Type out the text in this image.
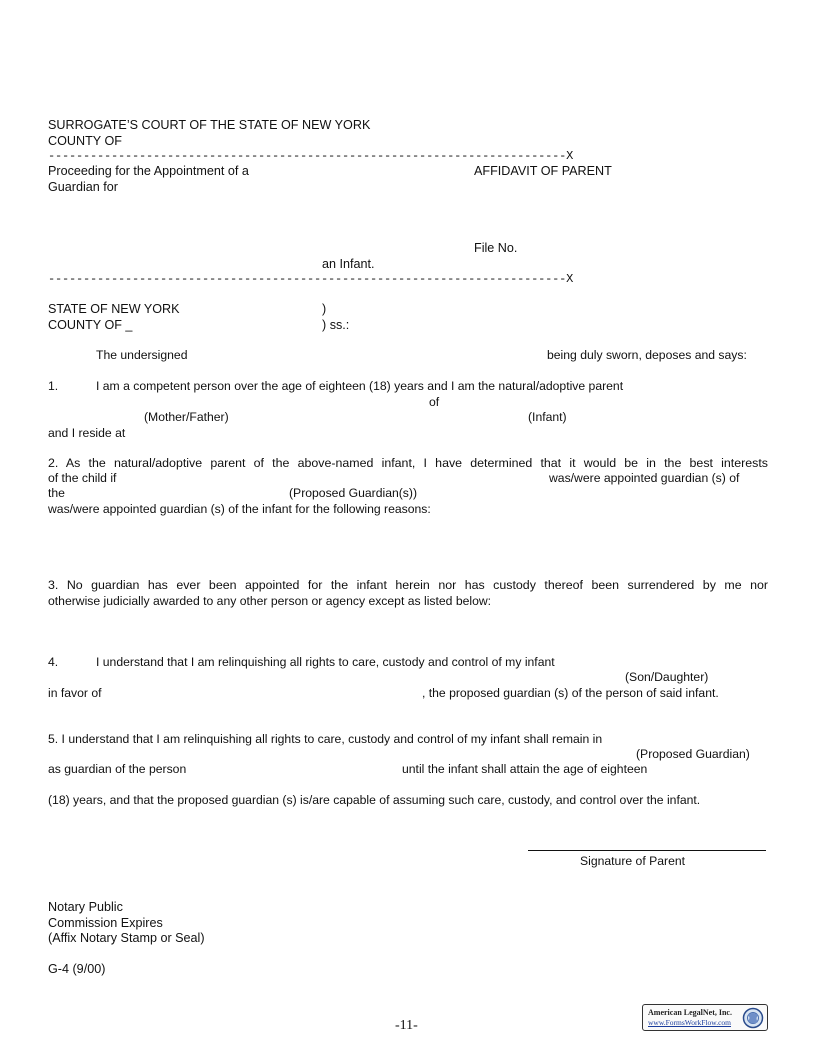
SURROGATE’S COURT OF THE STATE OF NEW YORK
COUNTY OF
--------------------------------------------------------------------------X
Proceeding for the Appointment of a
Guardian for
AFFIDAVIT OF PARENT
File No.
an Infant.
--------------------------------------------------------------------------X
STATE OF NEW YORK	)
COUNTY OF _	) ss.:
The undersigned	being duly sworn, deposes and says:
1.	I am a competent person over the age of eighteen (18) years and I am the natural/adoptive parent
of
(Mother/Father)	(Infant)
and I reside at
2. As the natural/adoptive parent of the above-named infant, I have determined that it would be in the best interests
of the child if	was/were appointed guardian (s) of
the	(Proposed Guardian(s))
was/were appointed guardian (s) of the infant for the following reasons:
3. No guardian has ever been appointed for the infant herein nor has custody thereof been surrendered by me nor
otherwise judicially awarded to any other person or agency except as listed below:
4.	I understand that I am relinquishing all rights to care, custody and control of my infant
(Son/Daughter)
in favor of	, the proposed guardian (s) of the person of said infant.
5. I understand that I am relinquishing all rights to care, custody and control of my infant shall remain in
(Proposed Guardian)
as guardian of the person	until the infant shall attain the age of eighteen
(18) years, and that the proposed guardian (s) is/are capable of assuming such care, custody, and control over the infant.
Signature of Parent
Notary Public
Commission Expires
(Affix Notary Stamp or Seal)
G-4 (9/00)
-11-
American LegalNet, Inc.
www.FormsWorkFlow.com
